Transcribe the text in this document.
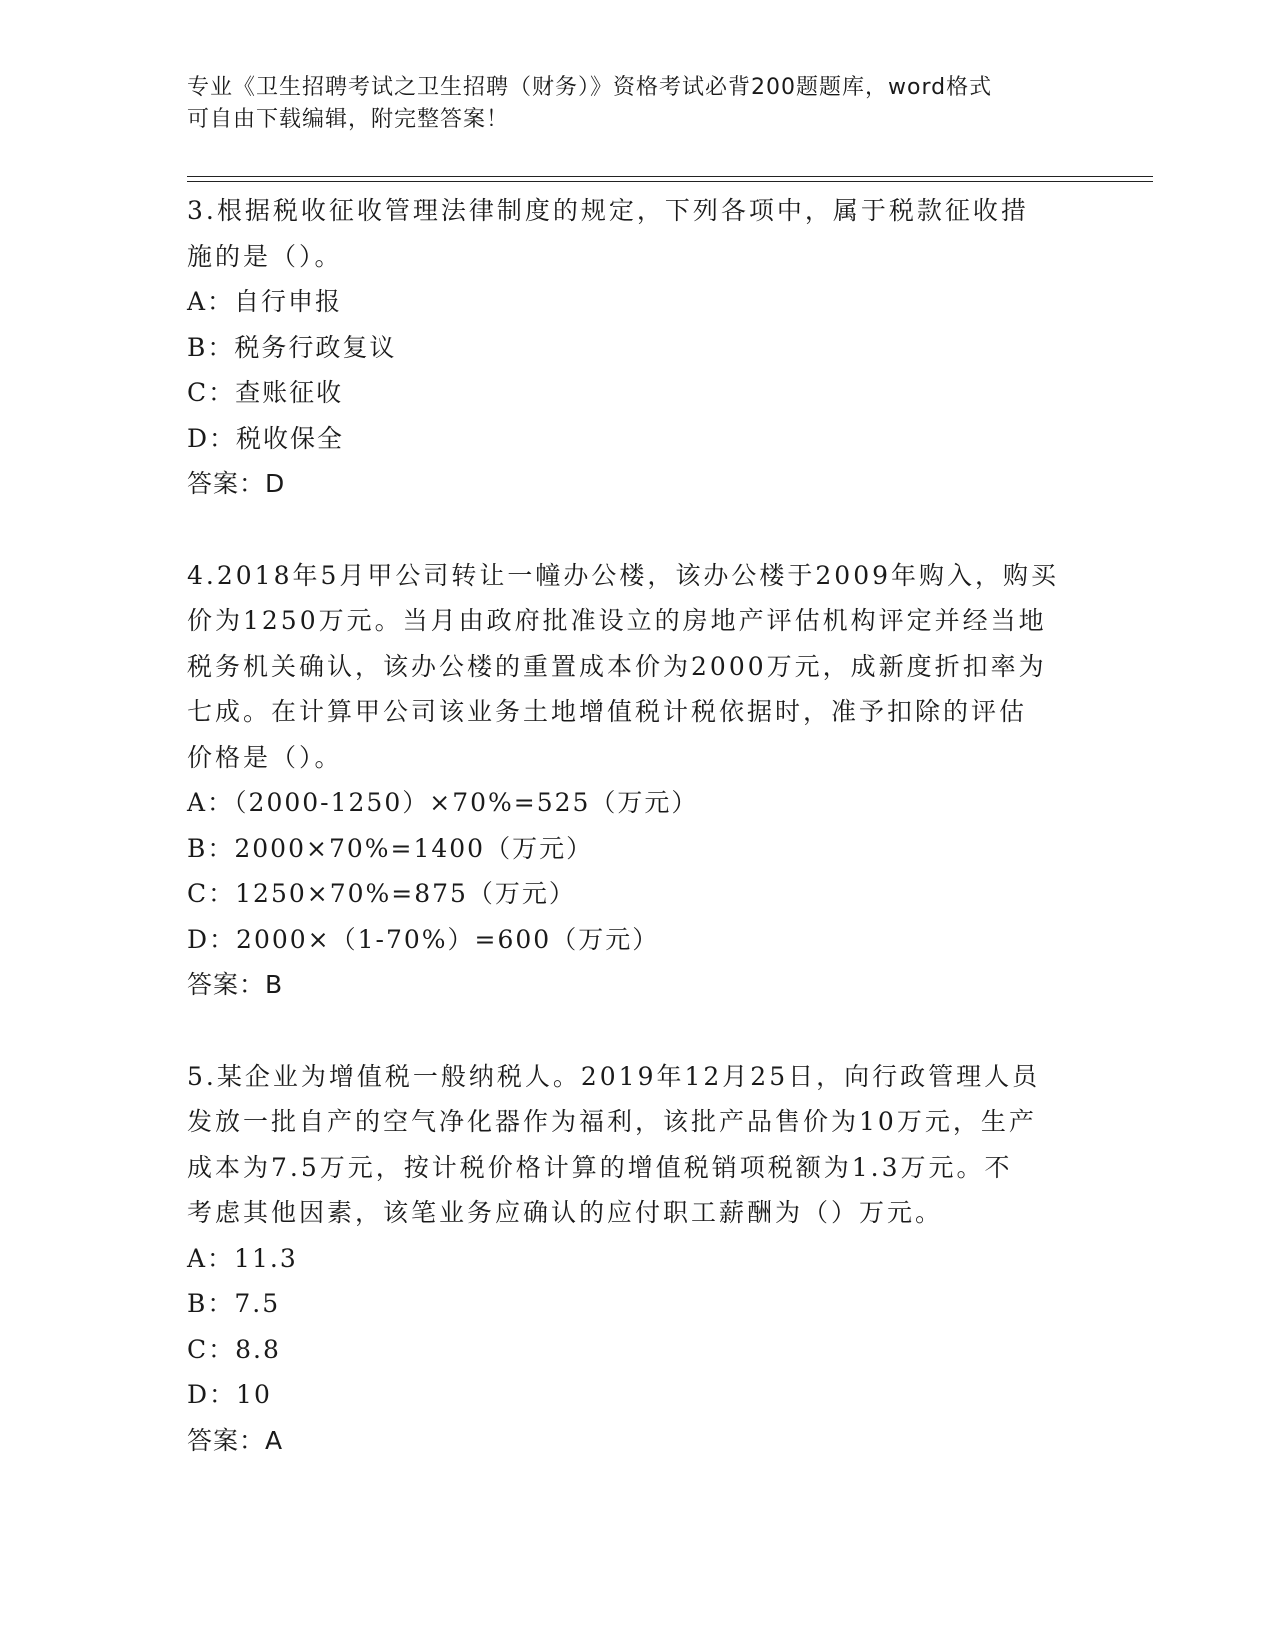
专业《卫生招聘考试之卫生招聘（财务）》资格考试必背200题题库，word格式
可自由下载编辑，附完整答案！

3.根据税收征收管理法律制度的规定，下列各项中，属于税款征收措

施的是（）。

A：自行申报

B：税务行政复议

C：查账征收

D：税收保全

答案：D

4.2018年5月甲公司转让一幢办公楼，该办公楼于2009年购入，购买

价为1250万元。当月由政府批准设立的房地产评估机构评定并经当地

税务机关确认，该办公楼的重置成本价为2000万元，成新度折扣率为

七成。在计算甲公司该业务土地增值税计税依据时，准予扣除的评估

价格是（）。

A：（2000-1250）×70%=525（万元）

B：2000×70%=1400（万元）

C：1250×70%=875（万元）

D：2000×（1-70%）=600（万元）

答案：B

5.某企业为增值税一般纳税人。2019年12月25日，向行政管理人员

发放一批自产的空气净化器作为福利，该批产品售价为10万元，生产

成本为7.5万元，按计税价格计算的增值税销项税额为1.3万元。不

考虑其他因素，该笔业务应确认的应付职工薪酬为（）万元。

A：11.3

B：7.5

C：8.8

D：10

答案：A
